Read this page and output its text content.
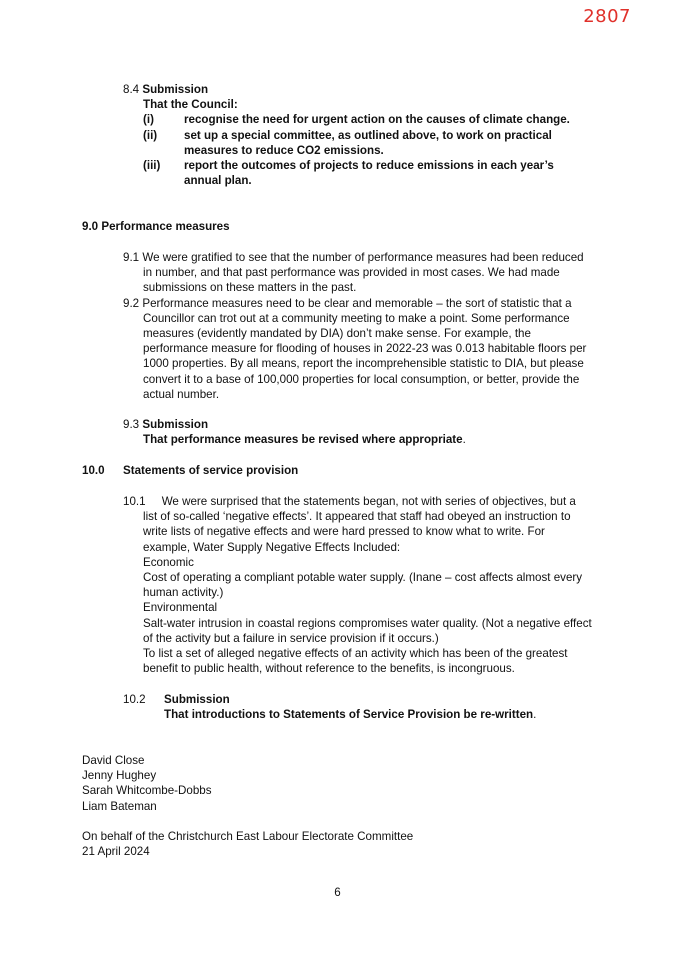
2807
8.4 Submission
That the Council:
(i)	recognise the need for urgent action on the causes of climate change.
(ii)	set up a special committee, as outlined above, to work on practical measures to reduce CO2 emissions.
(iii)	report the outcomes of projects to reduce emissions in each year’s annual plan.
9.0 Performance measures

9.1 We were gratified to see that the number of performance measures had been reduced in number, and that past performance was provided in most cases. We had made submissions on these matters in the past.

9.2 Performance measures need to be clear and memorable – the sort of statistic that a Councillor can trot out at a community meeting to make a point. Some performance measures (evidently mandated by DIA) don’t make sense. For example, the performance measure for flooding of houses in 2022-23 was 0.013 habitable floors per 1000 properties. By all means, report the incomprehensible statistic to DIA, but please convert it to a base of 100,000 properties for local consumption, or better, provide the actual number.

9.3 Submission
That performance measures be revised where appropriate.
10.0 Statements of service provision

10.1 We were surprised that the statements began, not with series of objectives, but a list of so-called ‘negative effects’. It appeared that staff had obeyed an instruction to write lists of negative effects and were hard pressed to know what to write. For example, Water Supply Negative Effects Included:

Economic

Cost of operating a compliant potable water supply. (Inane – cost affects almost every human activity.)

Environmental

Salt-water intrusion in coastal regions compromises water quality. (Not a negative effect of the activity but a failure in service provision if it occurs.)

To list a set of alleged negative effects of an activity which has been of the greatest benefit to public health, without reference to the benefits, is incongruous.

10.2	Submission
That introductions to Statements of Service Provision be re-written.
David Close
Jenny Hughey
Sarah Whitcombe-Dobbs
Liam Bateman
On behalf of the Christchurch East Labour Electorate Committee
21 April 2024
6
